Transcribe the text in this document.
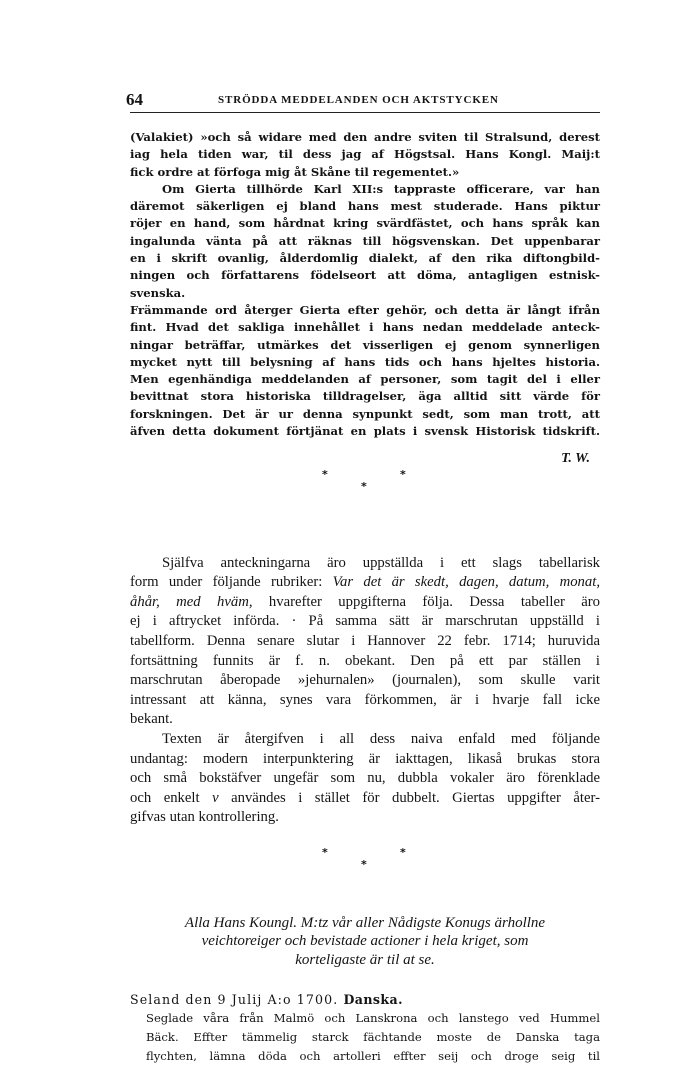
64	STRÖDDA MEDDELANDEN OCH AKTSTYCKEN

(Valakiet) »och så widare med den andre sviten til Stralsund, derest
iag hela tiden war, til dess jag af Högstsal. Hans Kongl. Maij:t
fick ordre at förfoga mig åt Skåne til regementet.»

Om Gierta tillhörde Karl XII:s tappraste officerare, var han
däremot säkerligen ej bland hans mest studerade. Hans piktur
röjer en hand, som hårdnat kring svärdfästet, och hans språk kan
ingalunda vänta på att räknas till högsvenskan. Det uppenbarar
en i skrift ovanlig, ålderdomlig dialekt, af den rika diftongbild-
ningen och författarens födelseort att döma, antagligen estnisk-svenska.
Främmande ord återger Gierta efter gehör, och detta är långt ifrån
fint. Hvad det sakliga innehållet i hans nedan meddelade anteck-
ningar beträffar, utmärkes det visserligen ej genom synnerligen
mycket nytt till belysning af hans tids och hans hjeltes historia.
Men egenhändiga meddelanden af personer, som tagit del i eller
bevittnat stora historiska tilldragelser, äga alltid sitt värde för
forskningen. Det är ur denna synpunkt sedt, som man trott, att
äfven detta dokument förtjänat en plats i svensk Historisk tidskrift.

T. W.
*
*
*

Själfva anteckningarna äro uppställda i ett slags tabellarisk
form under följande rubriker: Var det är skedt, dagen, datum, monat,
åhår, med hväm, hvarefter uppgifterna följa. Dessa tabeller äro
ej i aftrycket införda. · På samma sätt är marschrutan uppställd i
tabellform. Denna senare slutar i Hannover 22 febr. 1714; huruvida
fortsättning funnits är f. n. obekant. Den på ett par ställen i
marschrutan åberopade »jehurnalen» (journalen), som skulle varit
intressant att känna, synes vara förkommen, är i hvarje fall icke
bekant.

Texten är återgifven i all dess naiva enfald med följande
undantag: modern interpunktering är iakttagen, likaså brukas stora
och små bokstäfver ungefär som nu, dubbla vokaler äro förenklade
och enkelt v användes i stället för dubbelt. Giertas uppgifter åter-
gifvas utan kontrollering.

*
*
*
Alla Hans Koungl. M:tz vår aller Nådigste Konugs ärhollne
veichtoreiger och bevistade actioner i hela kriget, som
korteligaste är til at se.
Seland den 9 Julij A:o 1700. Danska.
Seglade våra från Malmö och Lanskrona och lanstego ved Hummel
Bäck. Effter tämmelig starck fächtande moste de Danska taga
flychten, lämna döda och artolleri effter seij och droge seig til
